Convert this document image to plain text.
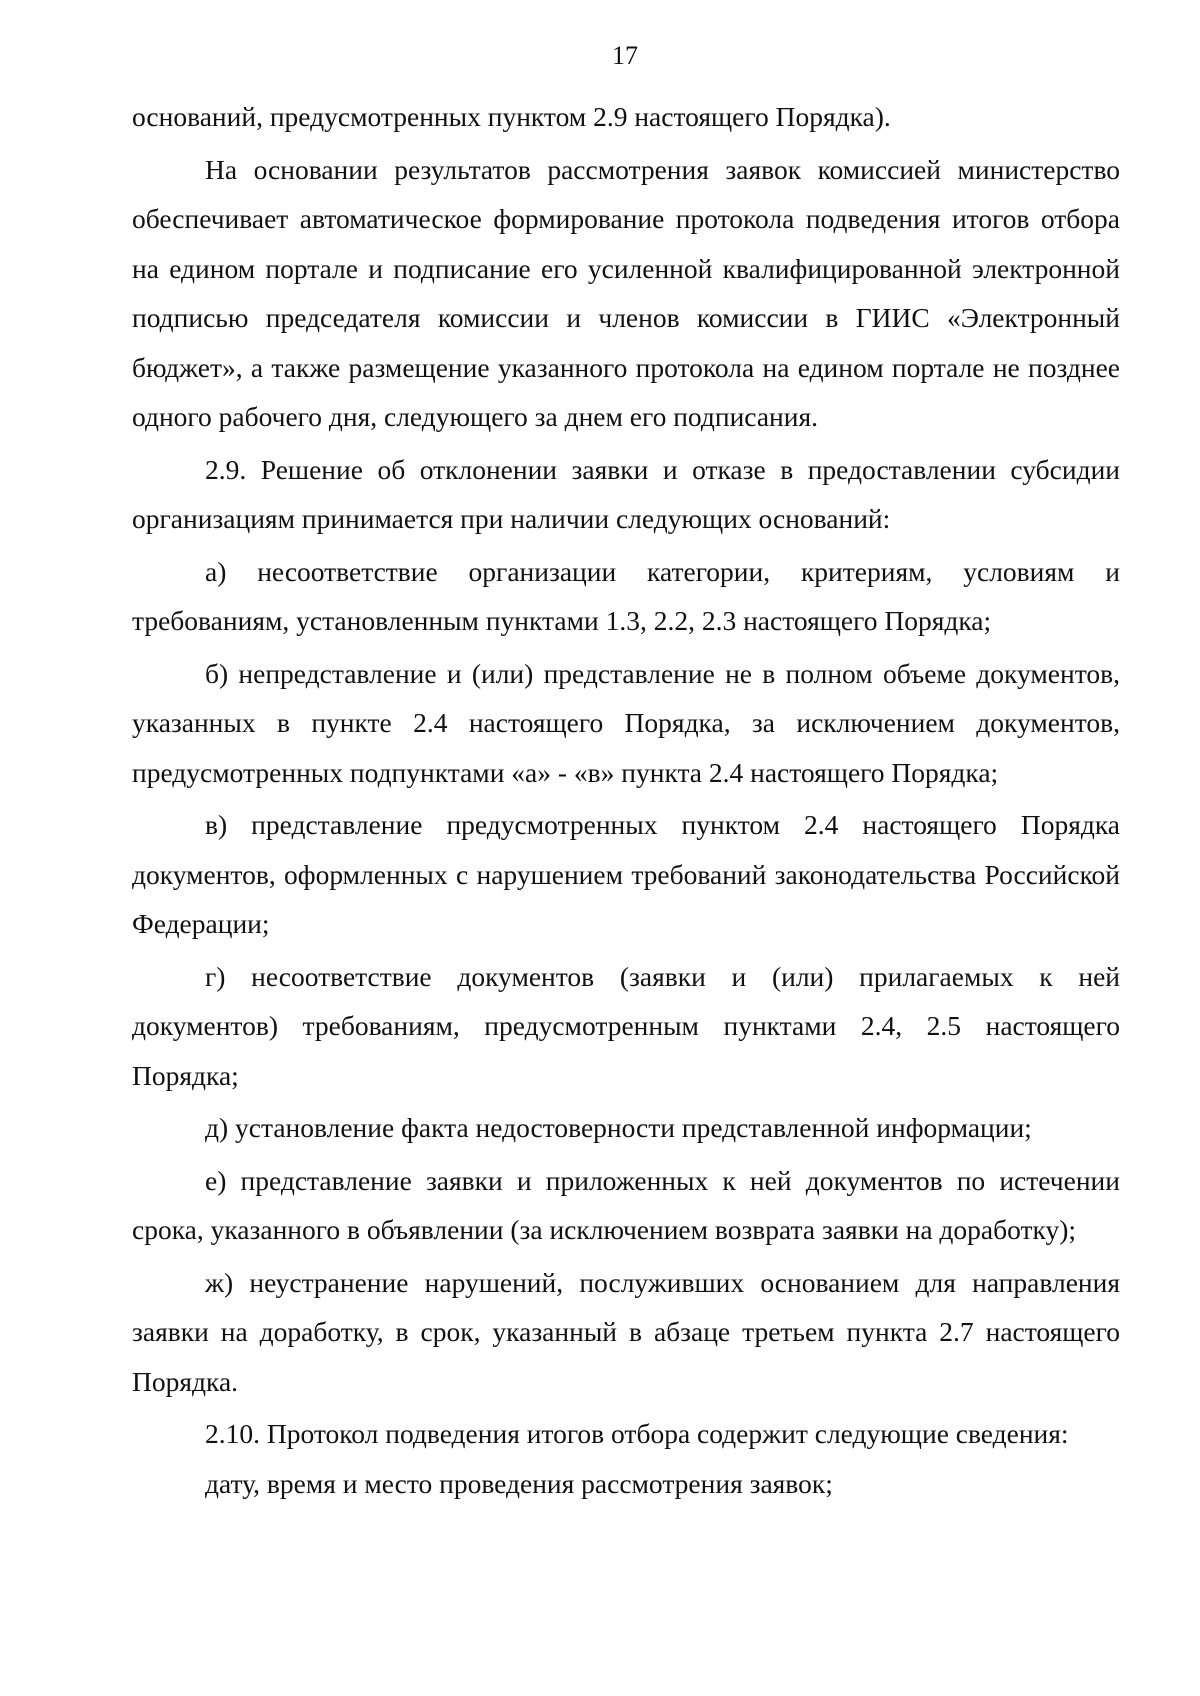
17

оснований, предусмотренных пунктом 2.9 настоящего Порядка).

На основании результатов рассмотрения заявок комиссией министерство обеспечивает автоматическое формирование протокола подведения итогов отбора на едином портале и подписание его усиленной квалифицированной электронной подписью председателя комиссии и членов комиссии в ГИИС «Электронный бюджет», а также размещение указанного протокола на едином портале не позднее одного рабочего дня, следующего за днем его подписания.

2.9. Решение об отклонении заявки и отказе в предоставлении субсидии организациям принимается при наличии следующих оснований:

а) несоответствие организации категории, критериям, условиям и требованиям, установленным пунктами 1.3, 2.2, 2.3 настоящего Порядка;

б) непредставление и (или) представление не в полном объеме документов, указанных в пункте 2.4 настоящего Порядка, за исключением документов, предусмотренных подпунктами «а» - «в» пункта 2.4 настоящего Порядка;

в) представление предусмотренных пунктом 2.4 настоящего Порядка документов, оформленных с нарушением требований законодательства Российской Федерации;

г) несоответствие документов (заявки и (или) прилагаемых к ней документов) требованиям, предусмотренным пунктами 2.4, 2.5 настоящего Порядка;

д) установление факта недостоверности представленной информации;

е) представление заявки и приложенных к ней документов по истечении срока, указанного в объявлении (за исключением возврата заявки на доработку);

ж) неустранение нарушений, послуживших основанием для направления заявки на доработку, в срок, указанный в абзаце третьем пункта 2.7 настоящего Порядка.

2.10. Протокол подведения итогов отбора содержит следующие сведения:

дату, время и место проведения рассмотрения заявок;
